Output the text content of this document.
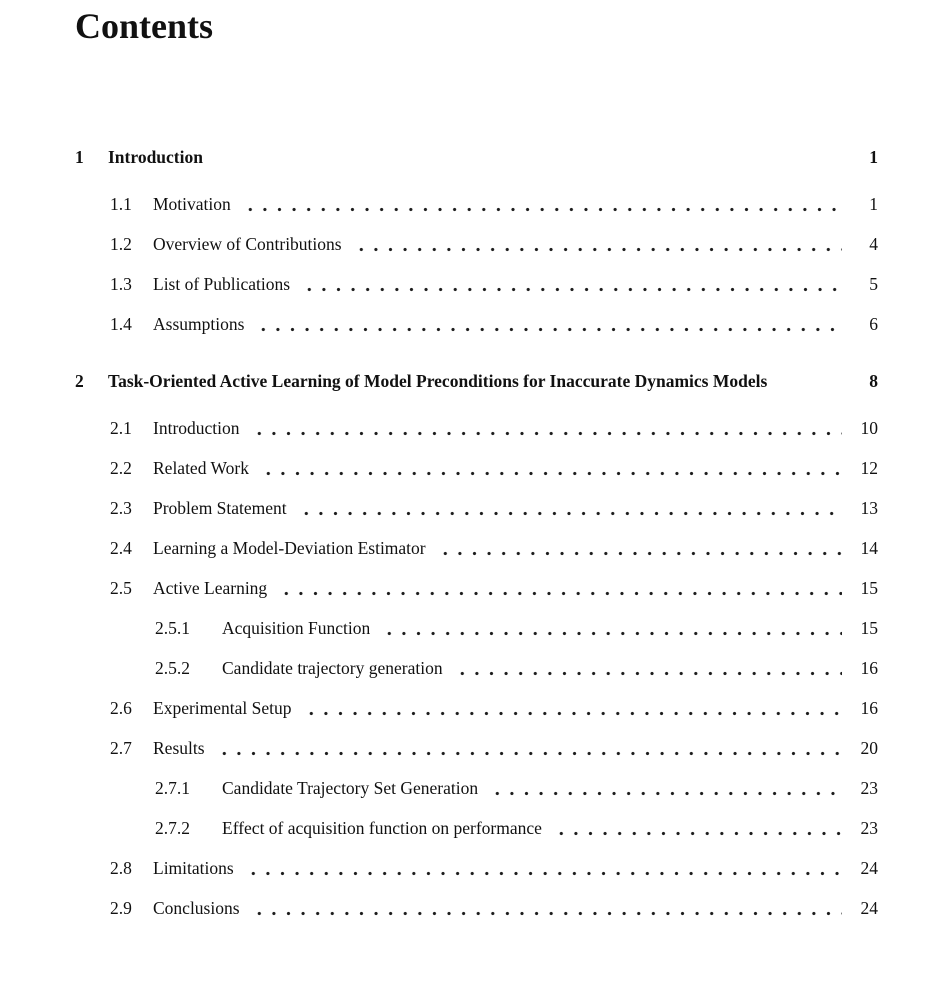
Contents
1	Introduction	1
1.1	Motivation	1
1.2	Overview of Contributions	4
1.3	List of Publications	5
1.4	Assumptions	6
2	Task-Oriented Active Learning of Model Preconditions for Inaccurate Dynamics Models	8
2.1	Introduction	10
2.2	Related Work	12
2.3	Problem Statement	13
2.4	Learning a Model-Deviation Estimator	14
2.5	Active Learning	15
2.5.1	Acquisition Function	15
2.5.2	Candidate trajectory generation	16
2.6	Experimental Setup	16
2.7	Results	20
2.7.1	Candidate Trajectory Set Generation	23
2.7.2	Effect of acquisition function on performance	23
2.8	Limitations	24
2.9	Conclusions	24
